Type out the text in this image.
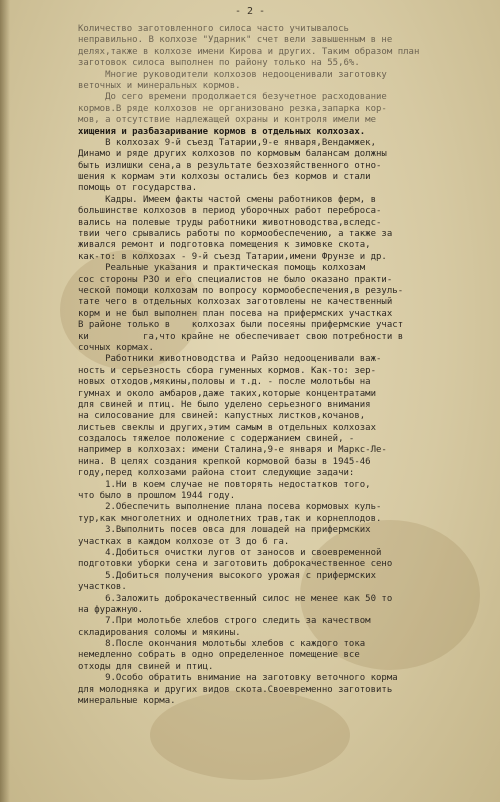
- 2 -
Количество заготовленного силоса часто учитывалось
неправильно. В колхозе "Ударник" счет вели завышенным в не
делях,также в колхозе имени Кирова и других. Таким образом план
заготовок силоса выполнен по району только на 55,6%.
Многие руководители колхозов недооценивали заготовку
веточных и минеральных кормов.
До сего времени продолжается безучетное расходование
кормов.В ряде колхозов не организовано резка,запарка кор-
мов, а отсутствие надлежащей охраны и контроля имели ме
хищения и разбазаривание кормов в отдельных колхозах.
В колхозах 9-й съезд Татарии,9-е января,Вендамжек,
Динамо и ряде других колхозов по кормовым балансам должны
быть излишки сена,а в результате безхозяйственного отно-
шения к кормам эти колхозы остались без кормов и стали
помощь от государства.
Кадры. Имеем факты частой смены работников ферм, в
большинстве колхозов в период уборочных работ переброса-
вались на полевые труды работники животноводства,вследс-
твии чего срывались работы по кормообеспечению, а также за
живался ремонт и подготовка помещения к зимовке скота,
как-то: в колхозах - 9-й съезд Татарии,имени Фрунзе и др.
Реальные указания и практическая помощь колхозам
сос стороны РЗО и его специалистов не было оказано практи-
ческой помощи колхозам по вопросу кормообеспечения,в резуль-
тате чего в отдельных колхозах заготовлены не качественный
корм и не был выполнен план посева на прифермских участках
В районе только в    колхозах были посеяны прифермские участ
ки          га,что крайне не обеспечивает свою потребности в
сочных кормах.
Работники животноводства и Райзо недооценивали важ-
ность и серьезность сбора гуменных кормов. Как-то: зер-
новых отходов,мякины,половы и т.д. - после молотьбы на
гумнах и около амбаров,даже таких,которые концентратами
для свиней и птиц. Не было уделено серьезного внимания
на силосование для свиней: капустных листков,кочанов,
листьев свеклы и других,этим самым в отдельных колхозах
создалось тяжелое положение с содержанием свиней, -
например в колхозах: имени Сталина,9-е января и Маркс-Ле-
нина. В целях создания крепкой кормовой базы в 1945-46
году,перед колхозами района стоит следующие задачи:
1.Ни в коем случае не повторять недостатков того,
что было в прошлом 1944 году.
2.Обеспечить выполнение плана посева кормовых куль-
тур,как многолетних и однолетних трав,так и корнеплодов.
3.Выполнить посев овса для лошадей на прифермских
участках в каждом колхозе от 3 до 6 га.
4.Добиться очистки лугов от заносов и своевременной
подготовки уборки сена и заготовить доброкачественное сено
5.Добиться получения высокого урожая с прифермских
участков.
6.Заложить доброкачественный силос не менее как 50 то
на фуражную.
7.При молотьбе хлебов строго следить за качеством
складирования соломы и мякины.
8.После окончания молотьбы хлебов с каждого тока
немедленно собрать в одно определенное помещение все
отходы для свиней и птиц.
9.Особо обратить внимание на заготовку веточного корма
для молодняка и других видов скота.Своевременно заготовить
минеральные корма.
